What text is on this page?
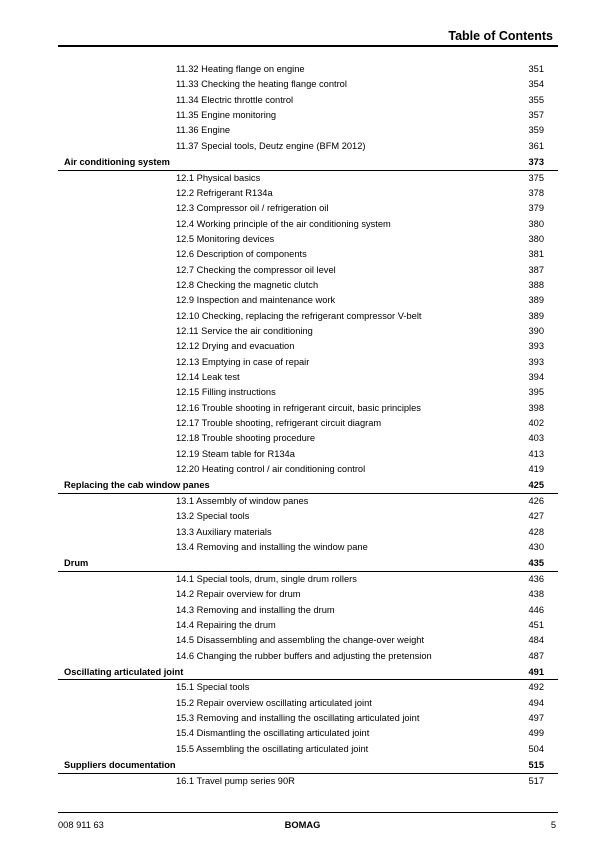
Table of Contents
11.32 Heating flange on engine	351
11.33 Checking the heating flange control	354
11.34 Electric throttle control	355
11.35 Engine monitoring	357
11.36 Engine	359
11.37 Special tools, Deutz engine (BFM 2012)	361
Air conditioning system	373
12.1 Physical basics	375
12.2 Refrigerant R134a	378
12.3 Compressor oil / refrigeration oil	379
12.4 Working principle of the air conditioning system	380
12.5 Monitoring devices	380
12.6 Description of components	381
12.7 Checking the compressor oil level	387
12.8 Checking the magnetic clutch	388
12.9 Inspection and maintenance work	389
12.10 Checking, replacing the refrigerant compressor V-belt	389
12.11 Service the air conditioning	390
12.12 Drying and evacuation	393
12.13 Emptying in case of repair	393
12.14 Leak test	394
12.15 Filling instructions	395
12.16 Trouble shooting in refrigerant circuit, basic principles	398
12.17 Trouble shooting, refrigerant circuit diagram	402
12.18 Trouble shooting procedure	403
12.19 Steam table for R134a	413
12.20 Heating control / air conditioning control	419
Replacing the cab window panes	425
13.1 Assembly of window panes	426
13.2 Special tools	427
13.3 Auxiliary materials	428
13.4 Removing and installing the window pane	430
Drum	435
14.1 Special tools, drum, single drum rollers	436
14.2 Repair overview for drum	438
14.3 Removing and installing the drum	446
14.4 Repairing the drum	451
14.5 Disassembling and assembling the change-over weight	484
14.6 Changing the rubber buffers and adjusting the pretension	487
Oscillating articulated joint	491
15.1 Special tools	492
15.2 Repair overview oscillating articulated joint	494
15.3 Removing and installing the oscillating articulated joint	497
15.4 Dismantling the oscillating articulated joint	499
15.5 Assembling the oscillating articulated joint	504
Suppliers documentation	515
16.1 Travel pump series 90R	517
008 911 63	BOMAG	5
